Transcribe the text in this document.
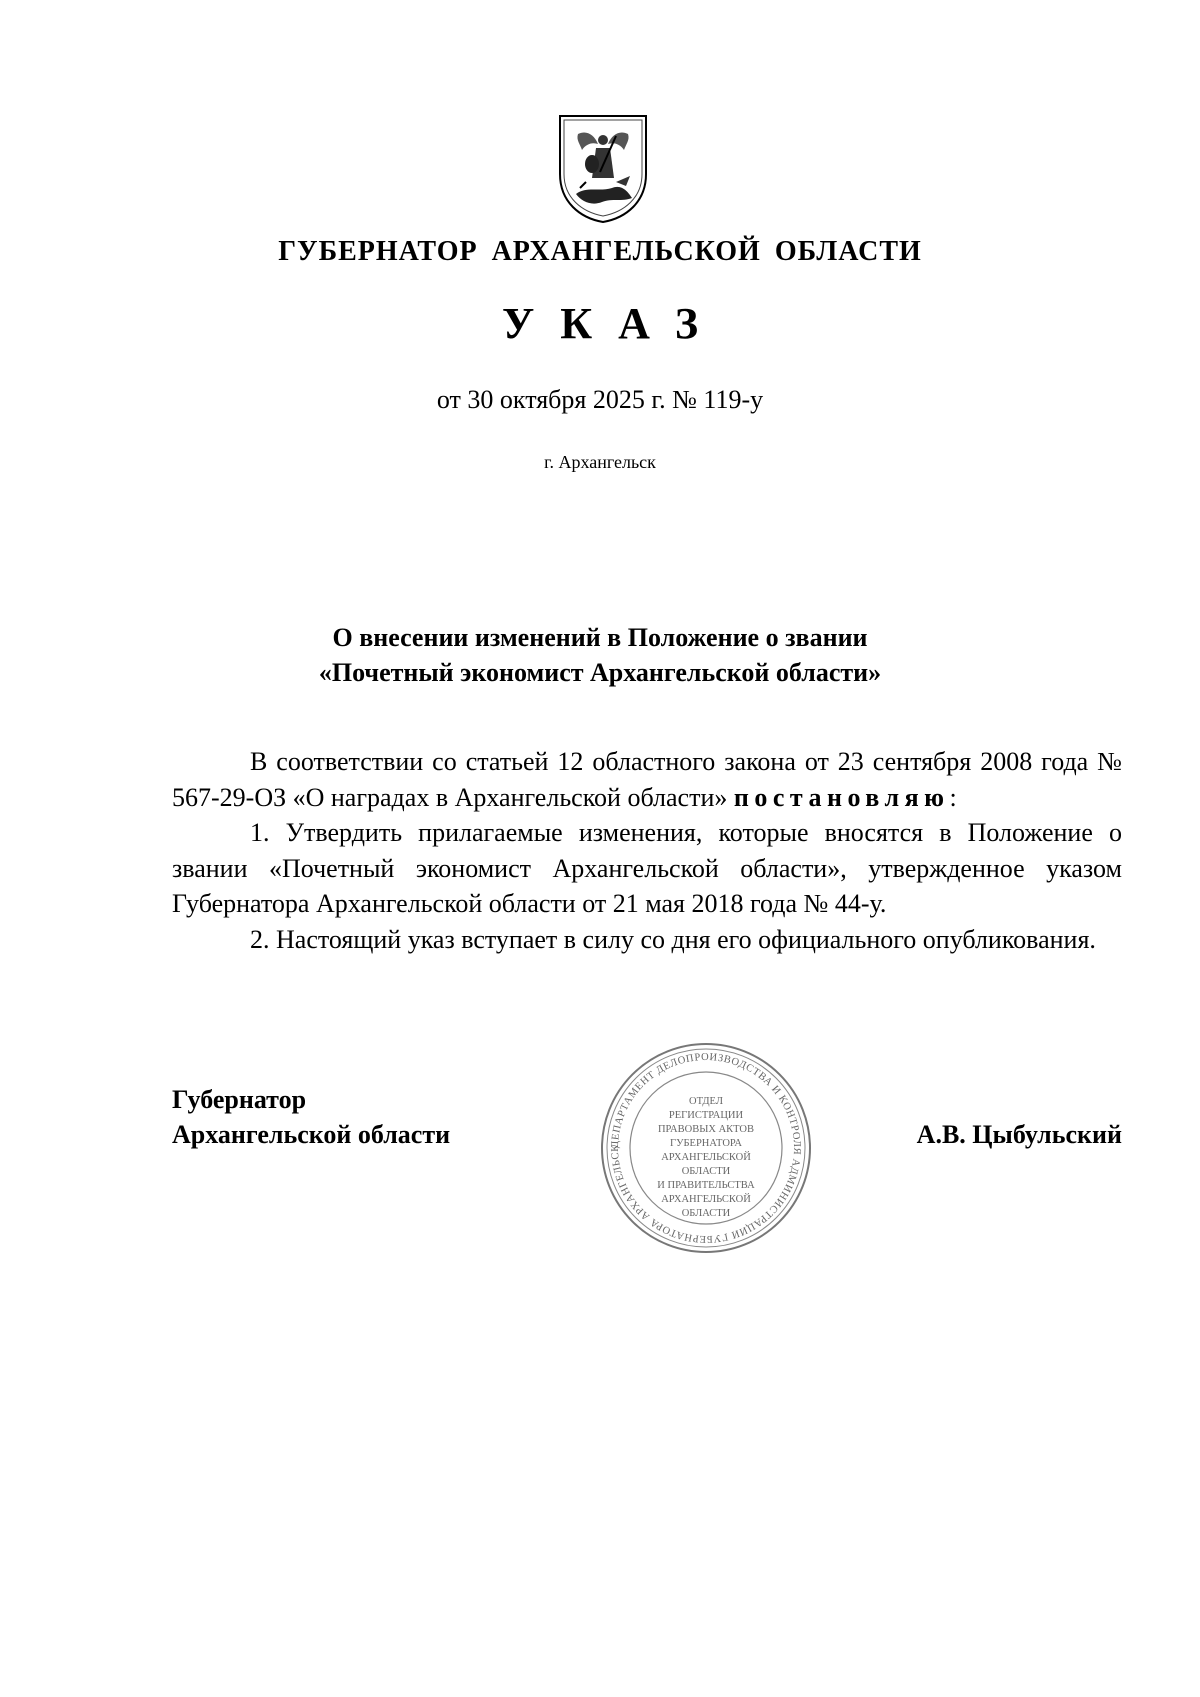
ГУБЕРНАТОР АРХАНГЕЛЬСКОЙ ОБЛАСТИ
УКАЗ
от 30 октября 2025 г. № 119-у
г. Архангельск
О внесении изменений в Положение о звании
«Почетный экономист Архангельской области»

В соответствии со статьей 12 областного закона от 23 сентября 2008 года № 567-29-ОЗ «О наградах в Архангельской области» постановляю:

1. Утвердить прилагаемые изменения, которые вносятся в Положение о звании «Почетный экономист Архангельской области», утвержденное указом Губернатора Архангельской области от 21 мая 2018 года № 44-у.

2. Настоящий указ вступает в силу со дня его официального опубликования.

Губернатор
Архангельской области	ДЕПАРТАМЕНТ ДЕЛОПРОИЗВОДСТВА И КОНТРОЛЯ АДМИНИСТРАЦИИ ГУБЕРНАТОРА АРХАНГЕЛЬСК
ОТДЕЛ
РЕГИСТРАЦИИ
ПРАВОВЫХ АКТОВ
ГУБЕРНАТОРА
АРХАНГЕЛЬСКОЙ
ОБЛАСТИ
И ПРАВИТЕЛЬСТВА
АРХАНГЕЛЬСКОЙ
ОБЛАСТИ
А.В. Цыбульский
